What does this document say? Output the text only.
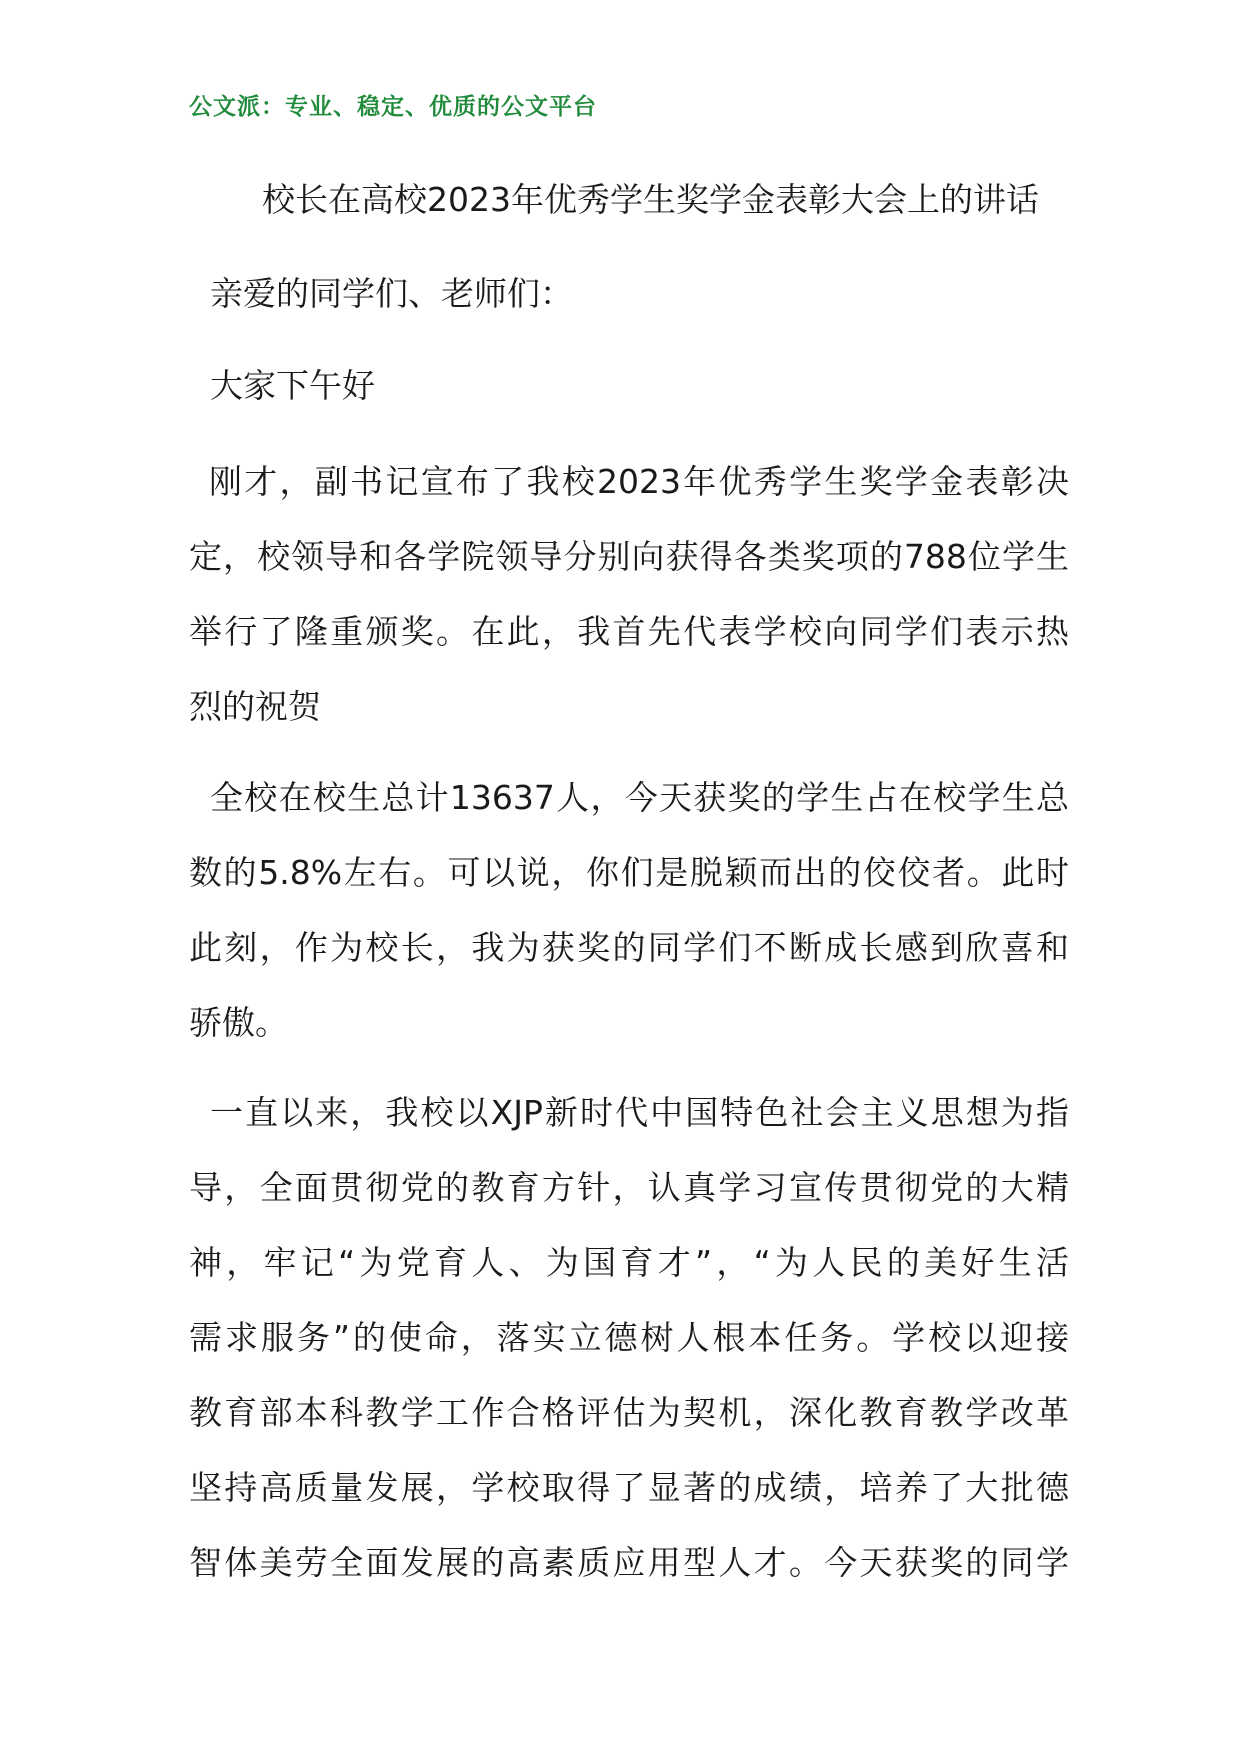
公文派：专业、稳定、优质的公文平台
校长在高校2023年优秀学生奖学金表彰大会上的讲话
亲爱的同学们、老师们：
大家下午好
刚才，副书记宣布了我校2023年优秀学生奖学金表彰决
定，校领导和各学院领导分别向获得各类奖项的788位学生
举行了隆重颁奖。在此，我首先代表学校向同学们表示热
烈的祝贺
全校在校生总计13637人，今天获奖的学生占在校学生总
数的5.8%左右。可以说，你们是脱颖而出的佼佼者。此时
此刻，作为校长，我为获奖的同学们不断成长感到欣喜和
骄傲。
一直以来，我校以XJP新时代中国特色社会主义思想为指
导，全面贯彻党的教育方针，认真学习宣传贯彻党的大精
神，牢记“为党育人、为国育才”，“为人民的美好生活
需求服务”的使命，落实立德树人根本任务。学校以迎接
教育部本科教学工作合格评估为契机，深化教育教学改革
坚持高质量发展，学校取得了显著的成绩，培养了大批德
智体美劳全面发展的高素质应用型人才。今天获奖的同学
